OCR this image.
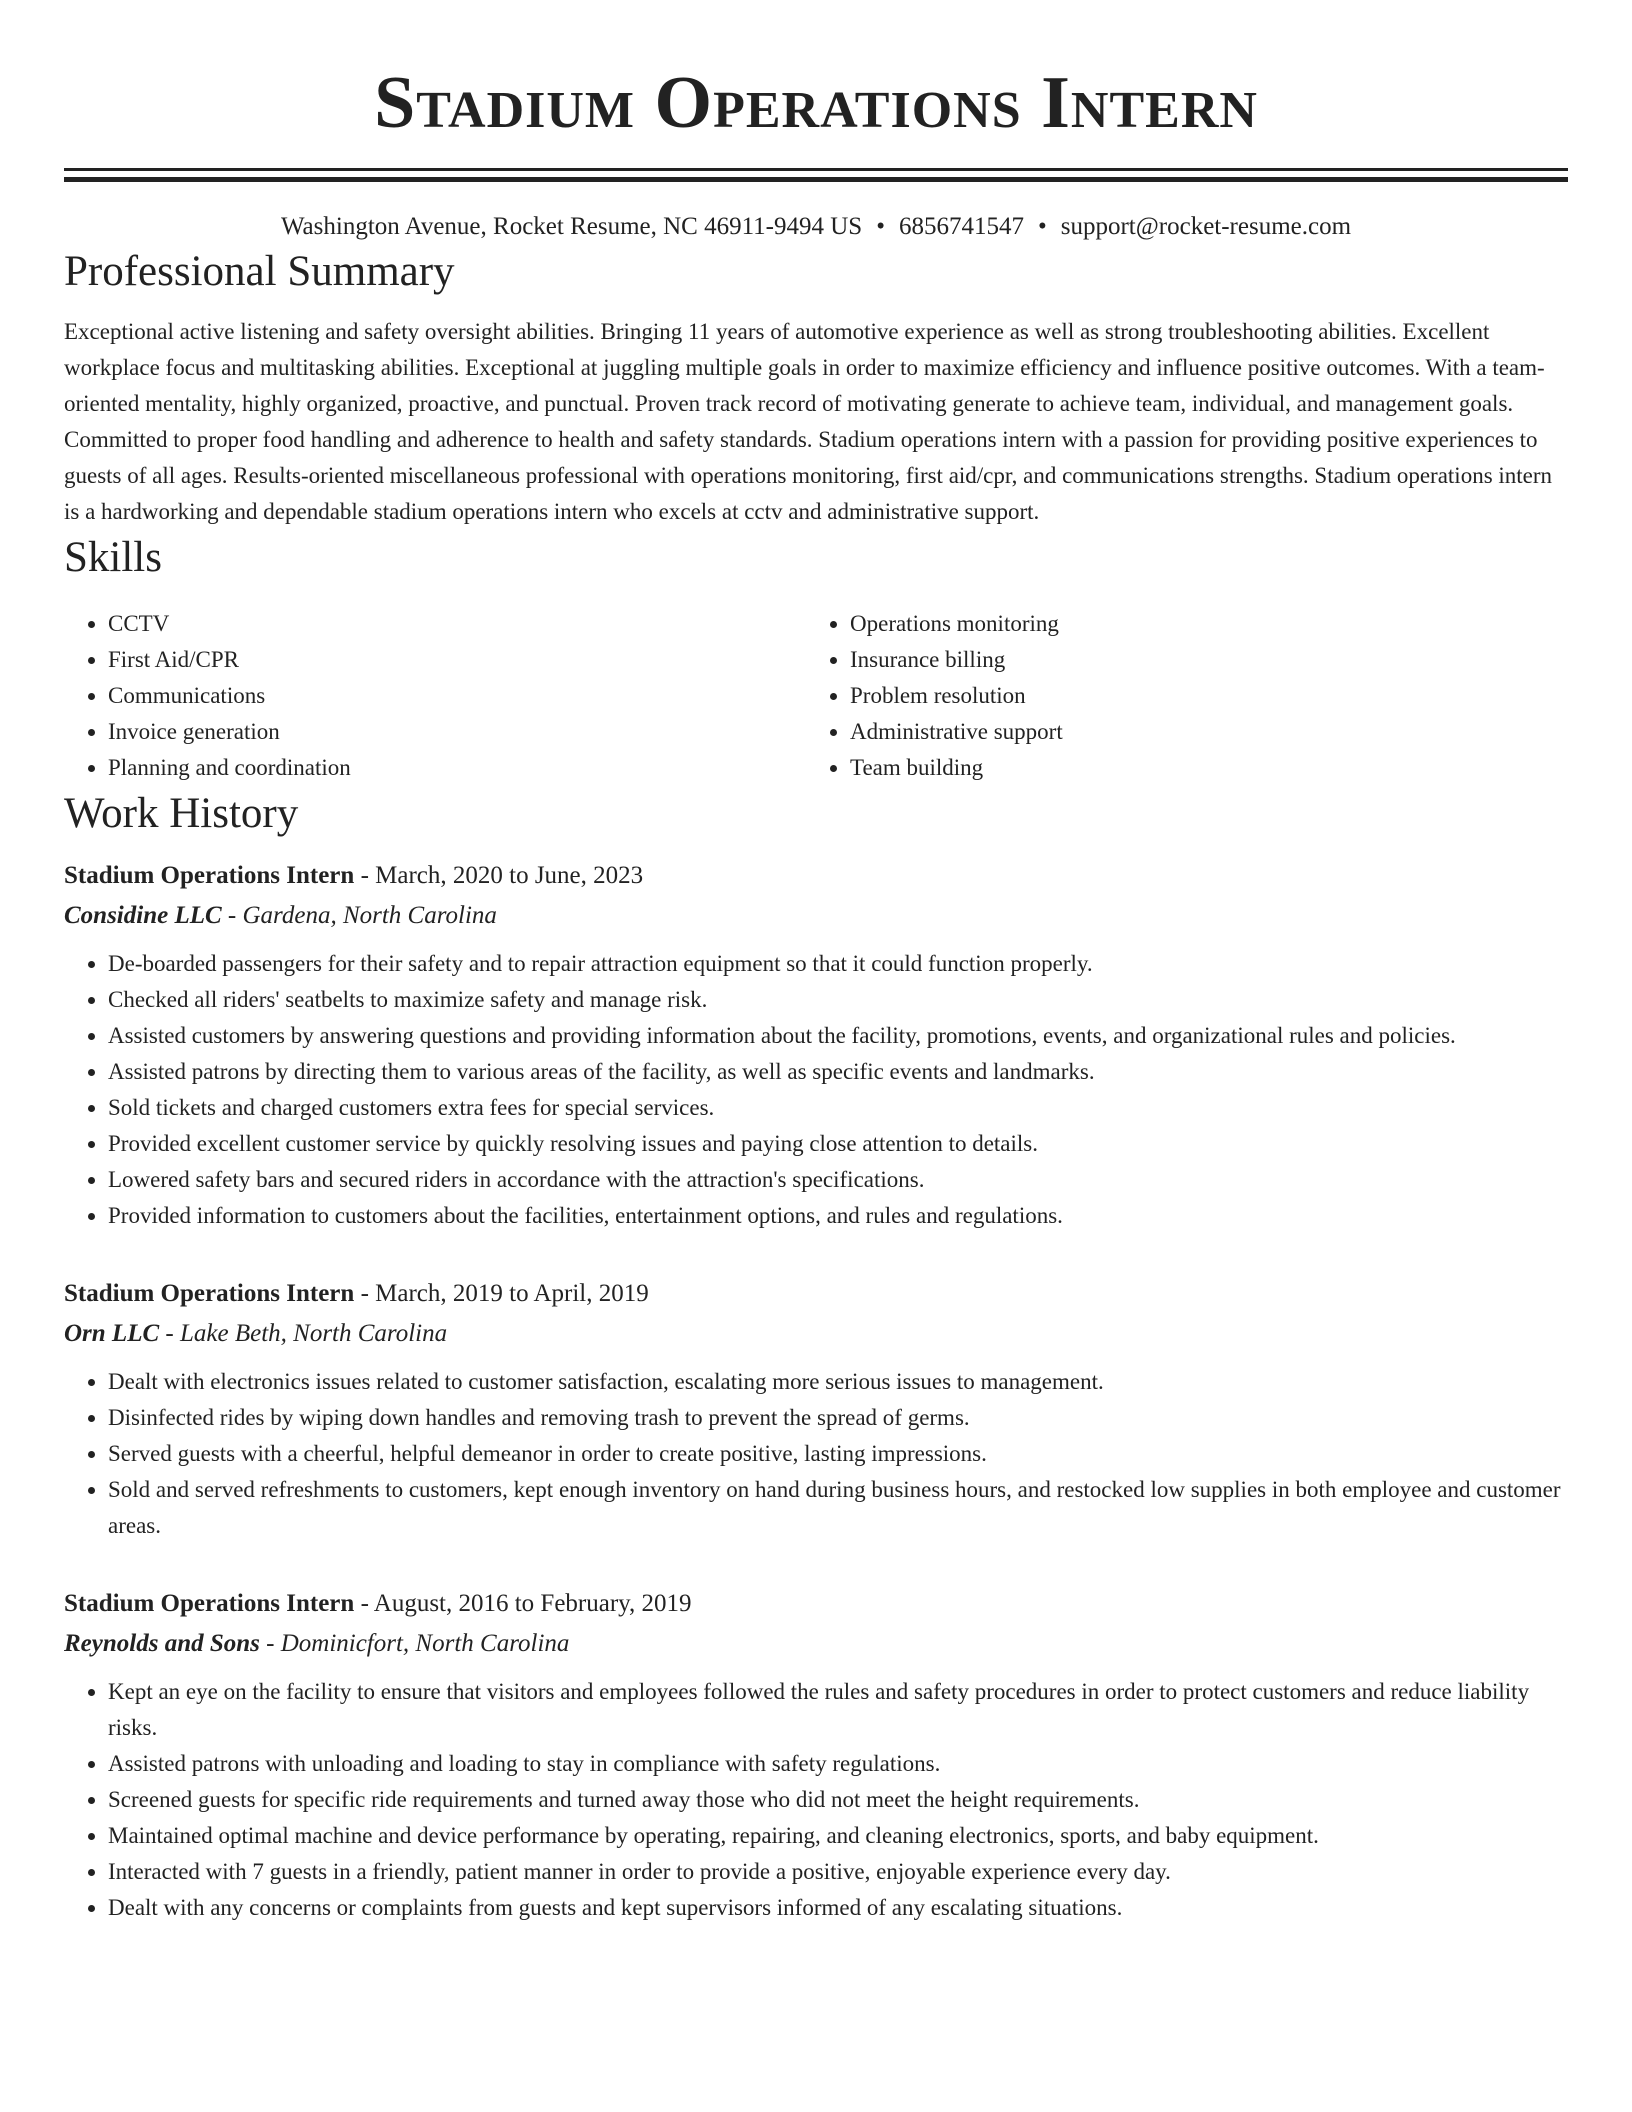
Stadium Operations Intern
Washington Avenue, Rocket Resume, NC 46911-9494 US • 6856741547 • support@rocket-resume.com
Professional Summary

Exceptional active listening and safety oversight abilities. Bringing 11 years of automotive experience as well as strong troubleshooting abilities. Excellent workplace focus and multitasking abilities. Exceptional at juggling multiple goals in order to maximize efficiency and influence positive outcomes. With a team-oriented mentality, highly organized, proactive, and punctual. Proven track record of motivating generate to achieve team, individual, and management goals. Committed to proper food handling and adherence to health and safety standards. Stadium operations intern with a passion for providing positive experiences to guests of all ages. Results-oriented miscellaneous professional with operations monitoring, first aid/cpr, and communications strengths. Stadium operations intern is a hardworking and dependable stadium operations intern who excels at cctv and administrative support.

Skills
• CCTV
• First Aid/CPR
• Communications
• Invoice generation
• Planning and coordination
• Operations monitoring
• Insurance billing
• Problem resolution
• Administrative support
• Team building
Work History
Stadium Operations Intern - March, 2020 to June, 2023
Considine LLC - Gardena, North Carolina
• De-boarded passengers for their safety and to repair attraction equipment so that it could function properly.
• Checked all riders' seatbelts to maximize safety and manage risk.
• Assisted customers by answering questions and providing information about the facility, promotions, events, and organizational rules and policies.
• Assisted patrons by directing them to various areas of the facility, as well as specific events and landmarks.
• Sold tickets and charged customers extra fees for special services.
• Provided excellent customer service by quickly resolving issues and paying close attention to details.
• Lowered safety bars and secured riders in accordance with the attraction's specifications.
• Provided information to customers about the facilities, entertainment options, and rules and regulations.
Stadium Operations Intern - March, 2019 to April, 2019
Orn LLC - Lake Beth, North Carolina
• Dealt with electronics issues related to customer satisfaction, escalating more serious issues to management.
• Disinfected rides by wiping down handles and removing trash to prevent the spread of germs.
• Served guests with a cheerful, helpful demeanor in order to create positive, lasting impressions.
• Sold and served refreshments to customers, kept enough inventory on hand during business hours, and restocked low supplies in both employee and customer areas.
Stadium Operations Intern - August, 2016 to February, 2019
Reynolds and Sons - Dominicfort, North Carolina
• Kept an eye on the facility to ensure that visitors and employees followed the rules and safety procedures in order to protect customers and reduce liability risks.
• Assisted patrons with unloading and loading to stay in compliance with safety regulations.
• Screened guests for specific ride requirements and turned away those who did not meet the height requirements.
• Maintained optimal machine and device performance by operating, repairing, and cleaning electronics, sports, and baby equipment.
• Interacted with 7 guests in a friendly, patient manner in order to provide a positive, enjoyable experience every day.
• Dealt with any concerns or complaints from guests and kept supervisors informed of any escalating situations.
